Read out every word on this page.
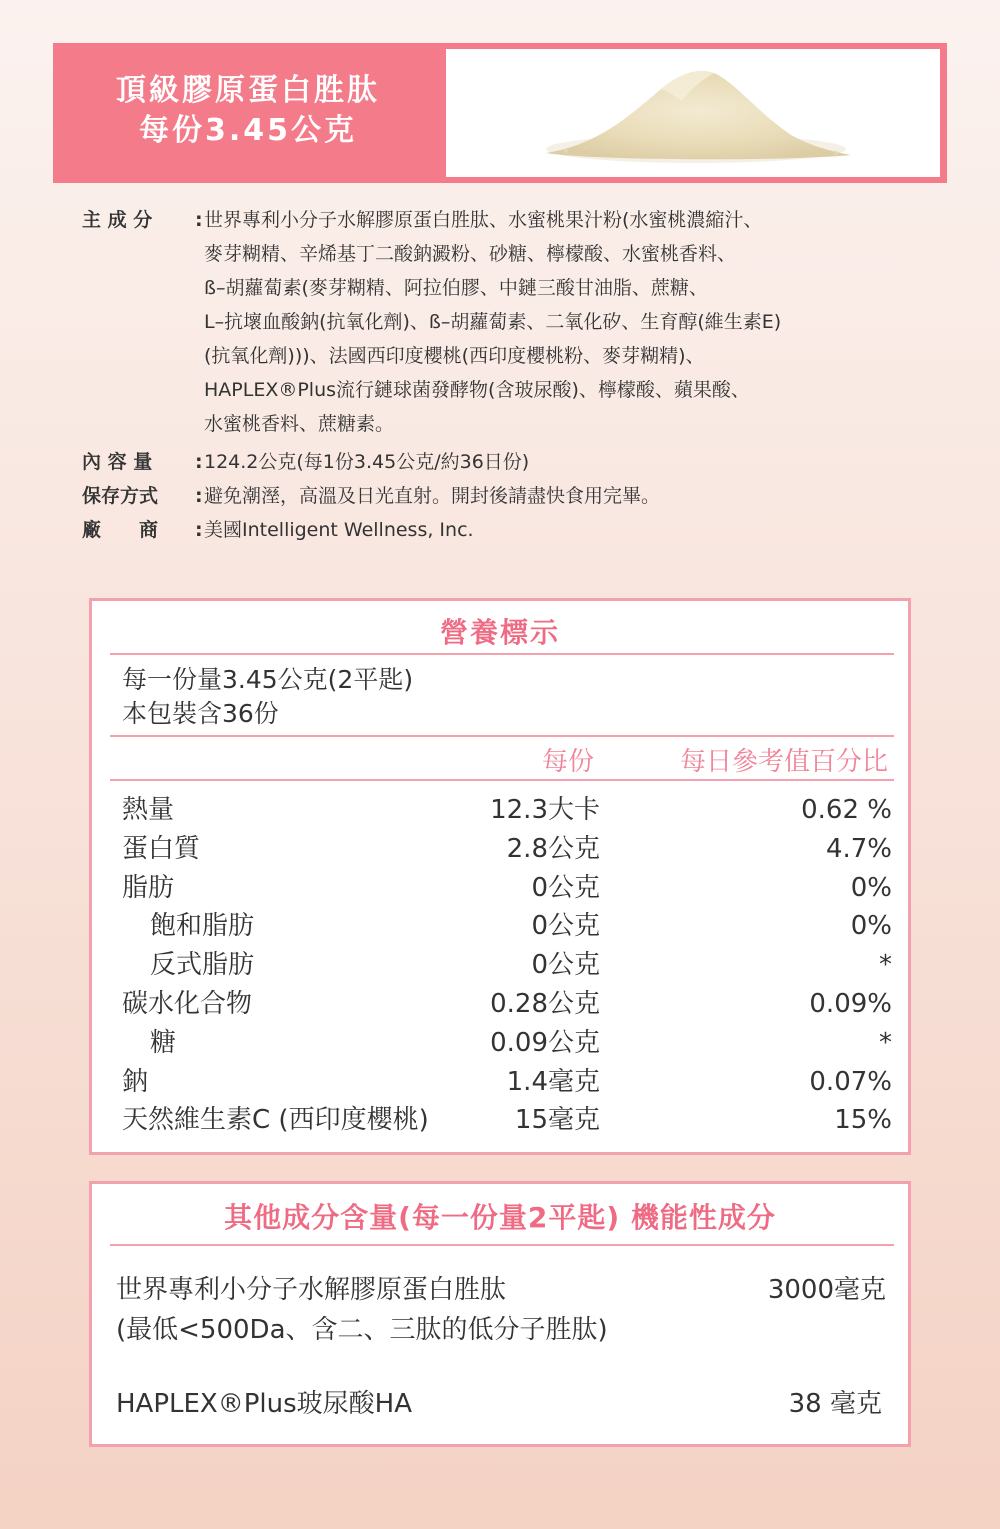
頂級膠原蛋白胜肽
每份3.45公克
主 成 分	: 世界專利小分子水解膠原蛋白胜肽、水蜜桃果汁粉(水蜜桃濃縮汁、
麥芽糊精、辛烯基丁二酸鈉澱粉、砂糖、檸檬酸、水蜜桃香料、
ß–胡蘿蔔素(麥芽糊精、阿拉伯膠、中鏈三酸甘油脂、蔗糖、
L–抗壞血酸鈉(抗氧化劑)、ß–胡蘿蔔素、二氧化矽、生育醇(維生素E)
(抗氧化劑)))、法國西印度櫻桃(西印度櫻桃粉、麥芽糊精)、
HAPLEX®Plus流行鏈球菌發酵物(含玻尿酸)、檸檬酸、蘋果酸、
水蜜桃香料、蔗糖素。
內 容 量	: 124.2公克(每1份3.45公克/約36日份)
保存方式	: 避免潮溼，高溫及日光直射。開封後請盡快食用完畢。
廠　　商	: 美國Intelligent Wellness, Inc.
營養標示
每一份量3.45公克(2平匙)
本包裝含36份
每份	每日參考值百分比
熱量	12.3大卡	0.62 %
蛋白質	2.8公克	4.7%
脂肪	0公克	0%
飽和脂肪	0公克	0%
反式脂肪	0公克	*
碳水化合物	0.28公克	0.09%
糖	0.09公克	*
鈉	1.4毫克	0.07%
天然維生素C (西印度櫻桃)	15毫克	15%
其他成分含量(每一份量2平匙) 機能性成分
世界專利小分子水解膠原蛋白胜肽
(最低<500Da、含二、三肽的低分子胜肽)
3000毫克
HAPLEX®Plus玻尿酸HA	38 毫克
